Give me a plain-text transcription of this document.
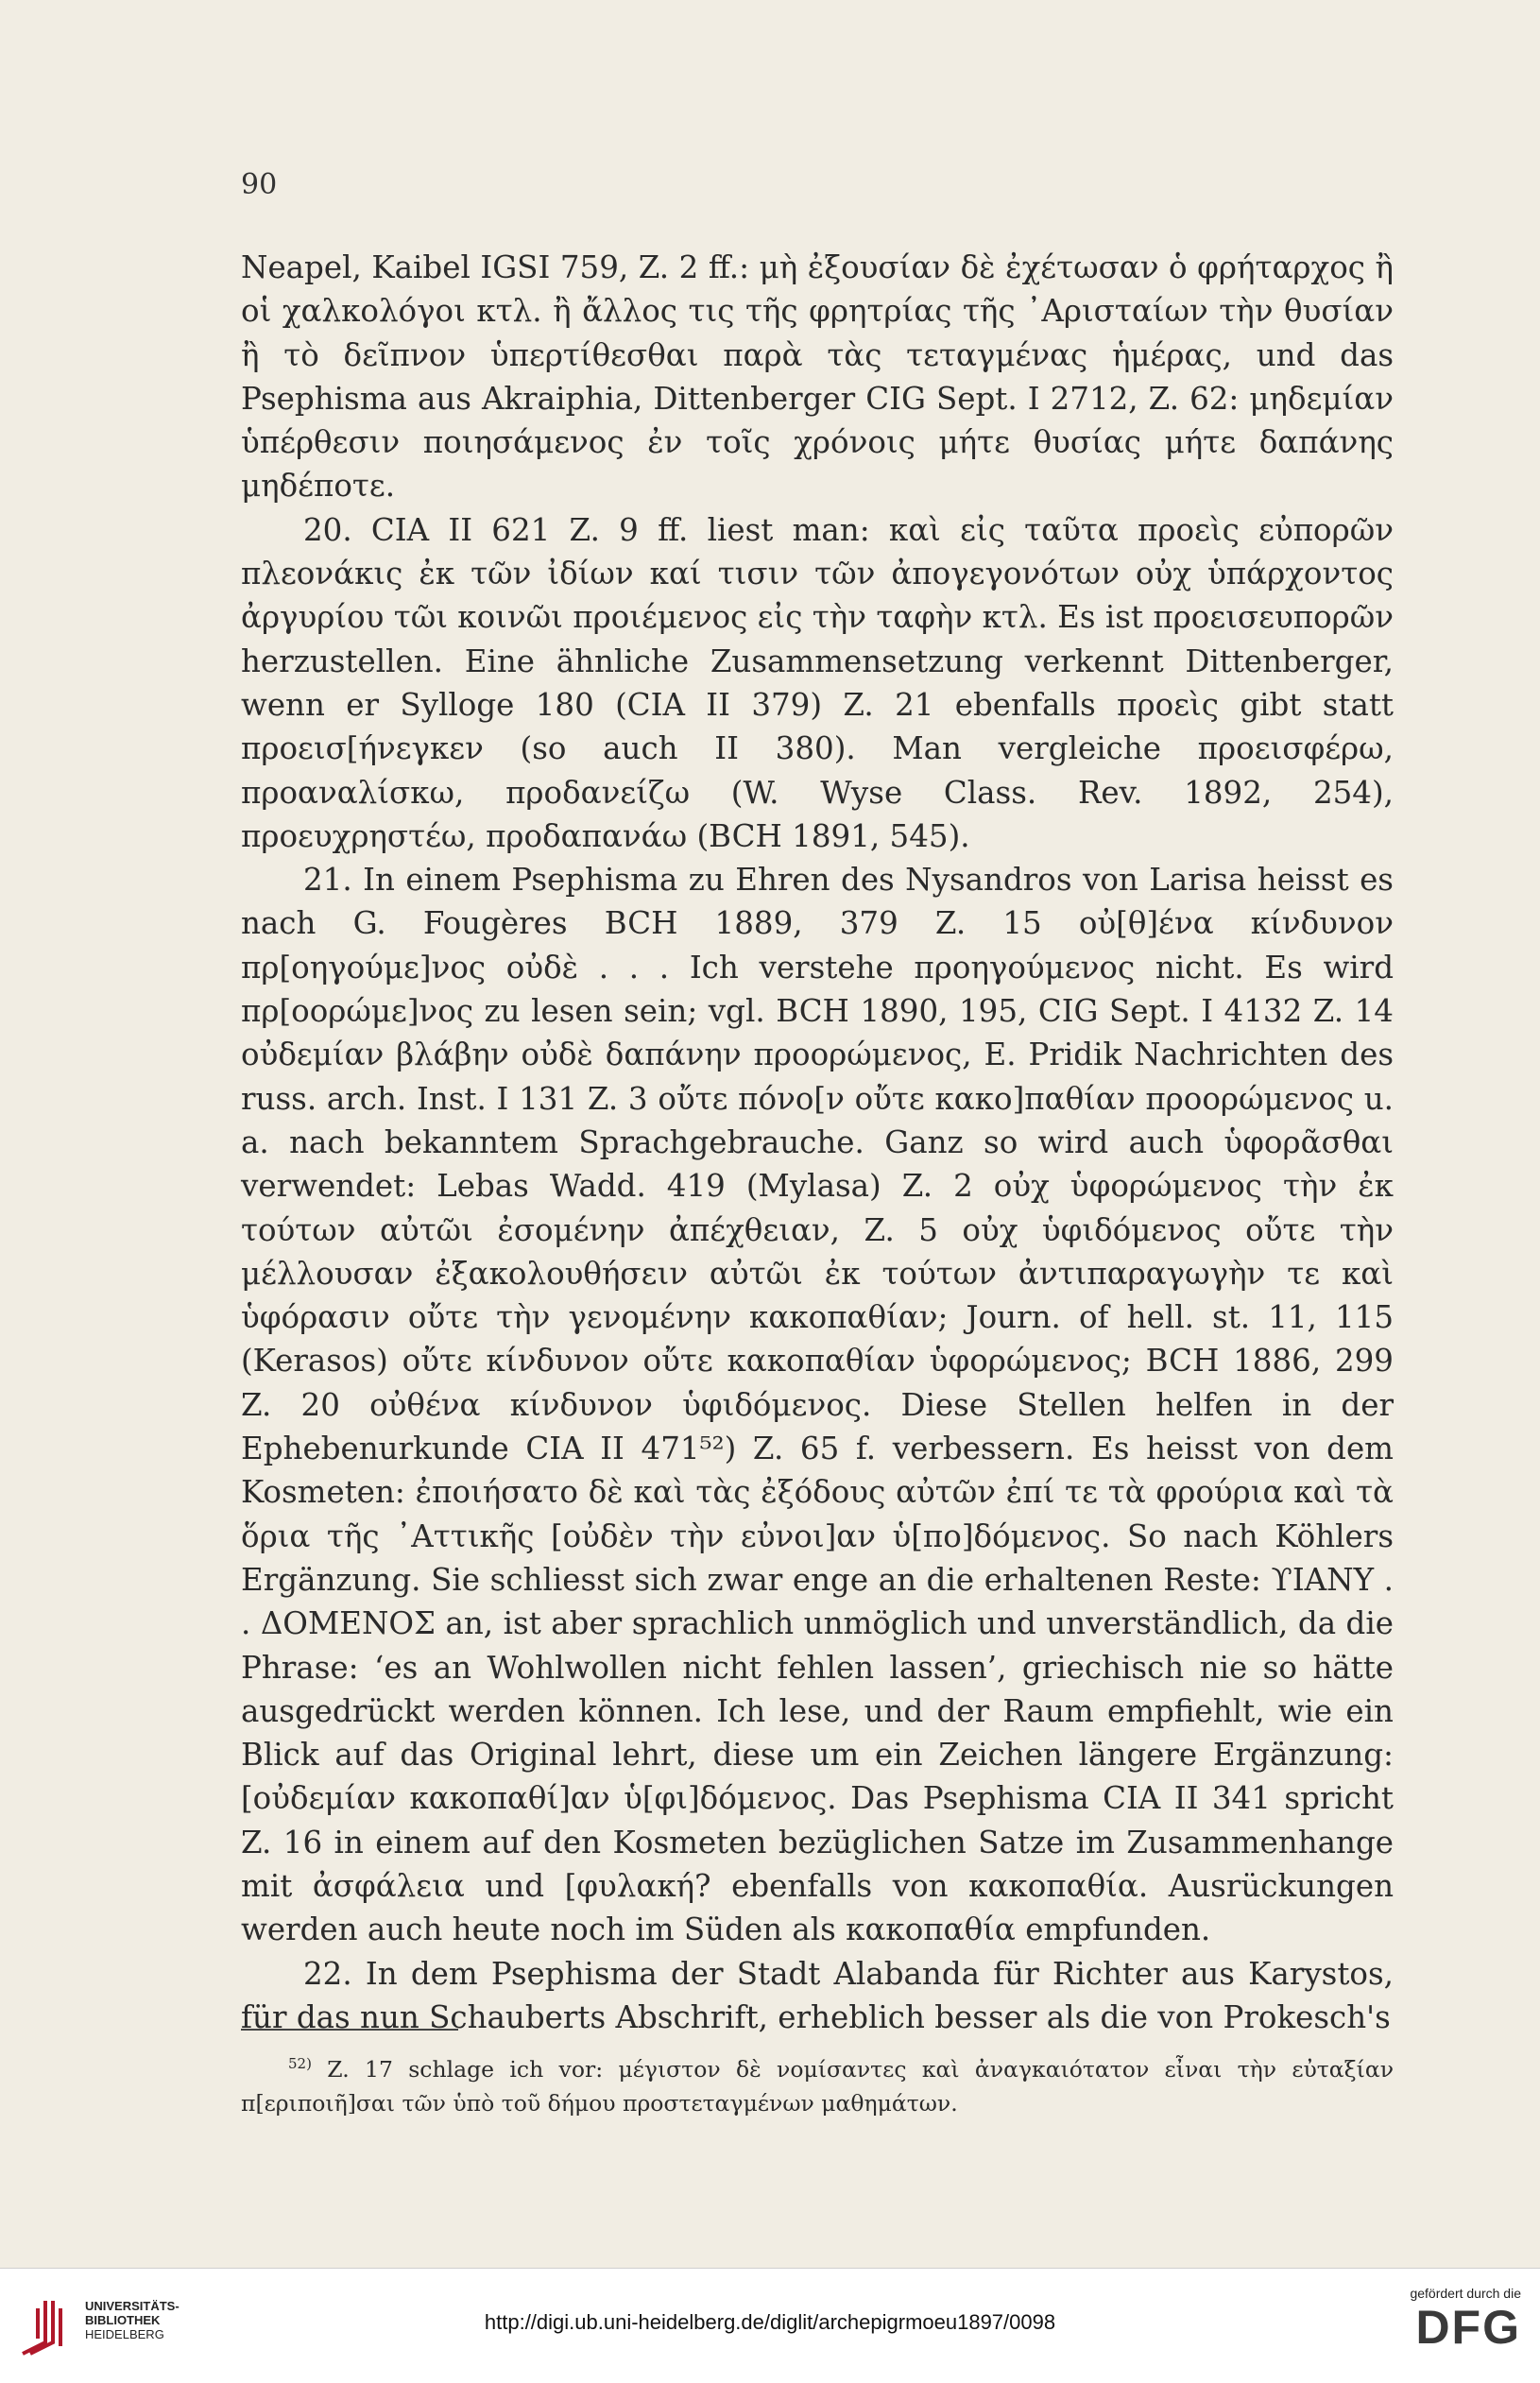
90

Neapel, Kaibel IGSI 759, Z. 2 ff.: μὴ ἐξουσίαν δὲ ἐχέτωσαν ὁ φρήταρχος ἢ οἱ χαλκολόγοι κτλ. ἢ ἄλλος τις τῆς φρητρίας τῆς ᾿Αρισταίων τὴν θυσίαν ἢ τὸ δεῖπνον ὑπερτίθεσθαι παρὰ τὰς τεταγμένας ἡμέρας, und das Psephisma aus Akraiphia, Dittenberger CIG Sept. I 2712, Z. 62: μηδεμίαν ὑπέρθεσιν ποιησάμενος ἐν τοῖς χρόνοις μήτε θυσίας μήτε δαπάνης μηδέποτε.

20. CIA II 621 Z. 9 ff. liest man: καὶ εἰς ταῦτα προεὶς εὐπορῶν πλεονάκις ἐκ τῶν ἰδίων καί τισιν τῶν ἀπογεγονότων οὐχ ὑπάρχοντος ἀργυρίου τῶι κοινῶι προιέμενος εἰς τὴν ταφὴν κτλ. Es ist προεισευπορῶν herzustellen. Eine ähnliche Zusammensetzung verkennt Dittenberger, wenn er Sylloge 180 (CIA II 379) Z. 21 ebenfalls προεὶς gibt statt προεισ[ήνεγκεν (so auch II 380). Man vergleiche προεισφέρω, προαναλίσκω, προδανείζω (W. Wyse Class. Rev. 1892, 254), προευχρηστέω, προδαπανάω (BCH 1891, 545).

21. In einem Psephisma zu Ehren des Nysandros von Larisa heisst es nach G. Fougères BCH 1889, 379 Z. 15 οὐ[θ]ένα κίνδυνον πρ[οηγούμε]νος οὐδὲ . . . Ich verstehe προηγούμενος nicht. Es wird πρ[οορώμε]νος zu lesen sein; vgl. BCH 1890, 195, CIG Sept. I 4132 Z. 14 οὐδεμίαν βλάβην οὐδὲ δαπάνην προορώμενος, E. Pridik Nachrichten des russ. arch. Inst. I 131 Z. 3 οὔτε πόνο[ν οὔτε κακο]παθίαν προορώμενος u. a. nach bekanntem Sprachgebrauche. Ganz so wird auch ὑφορᾶσθαι verwendet: Lebas Wadd. 419 (Mylasa) Z. 2 οὐχ ὑφορώμενος τὴν ἐκ τούτων αὐτῶι ἐσομένην ἀπέχθειαν, Z. 5 οὐχ ὑφιδόμενος οὔτε τὴν μέλλουσαν ἐξακολουθήσειν αὐτῶι ἐκ τούτων ἀντιπαραγωγὴν τε καὶ ὑφόρασιν οὔτε τὴν γενομένην κακοπαθίαν; Journ. of hell. st. 11, 115 (Kerasos) οὔτε κίνδυνον οὔτε κακοπαθίαν ὑφορώμενος; BCH 1886, 299 Z. 20 οὐθένα κίνδυνον ὑφιδόμενος. Diese Stellen helfen in der Ephebenurkunde CIA II 471⁵²) Z. 65 f. verbessern. Es heisst von dem Kosmeten: ἐποιήσατο δὲ καὶ τὰς ἐξόδους αὐτῶν ἐπί τε τὰ φρούρια καὶ τὰ ὅρια τῆς ᾿Αττικῆς [οὐδὲν τὴν εὐνοι]αν ὑ[πο]δόμενος. So nach Köhlers Ergänzung. Sie schliesst sich zwar enge an die erhaltenen Reste: ϒIΑΝΥ . . ΔΟΜΕΝΟΣ an, ist aber sprachlich unmöglich und unverständlich, da die Phrase: ‘es an Wohlwollen nicht fehlen lassen’, griechisch nie so hätte ausgedrückt werden können. Ich lese, und der Raum empfiehlt, wie ein Blick auf das Original lehrt, diese um ein Zeichen längere Ergänzung: [οὐδεμίαν κακοπαθί]αν ὑ[φι]δόμενος. Das Psephisma CIA II 341 spricht Z. 16 in einem auf den Kosmeten bezüglichen Satze im Zusammenhange mit ἀσφάλεια und [φυλακή? ebenfalls von κακοπαθία. Ausrückungen werden auch heute noch im Süden als κακοπαθία empfunden.

22. In dem Psephisma der Stadt Alabanda für Richter aus Karystos, für das nun Schauberts Abschrift, erheblich besser als die von Prokesch's

$^{52)}$ Z. 17 schlage ich vor: μέγιστον δὲ νομίσαντες καὶ ἀναγκαιότατον εἶναι τὴν εὐταξίαν π[εριποιῆ]σαι τῶν ὑπὸ τοῦ δήμου προστεταγμένων μαθημάτων.

UNIVERSITÄTS-
BIBLIOTHEK
HEIDELBERG
http://digi.ub.uni-heidelberg.de/diglit/archepigrmoeu1897/0098
gefördert durch die
DFG
